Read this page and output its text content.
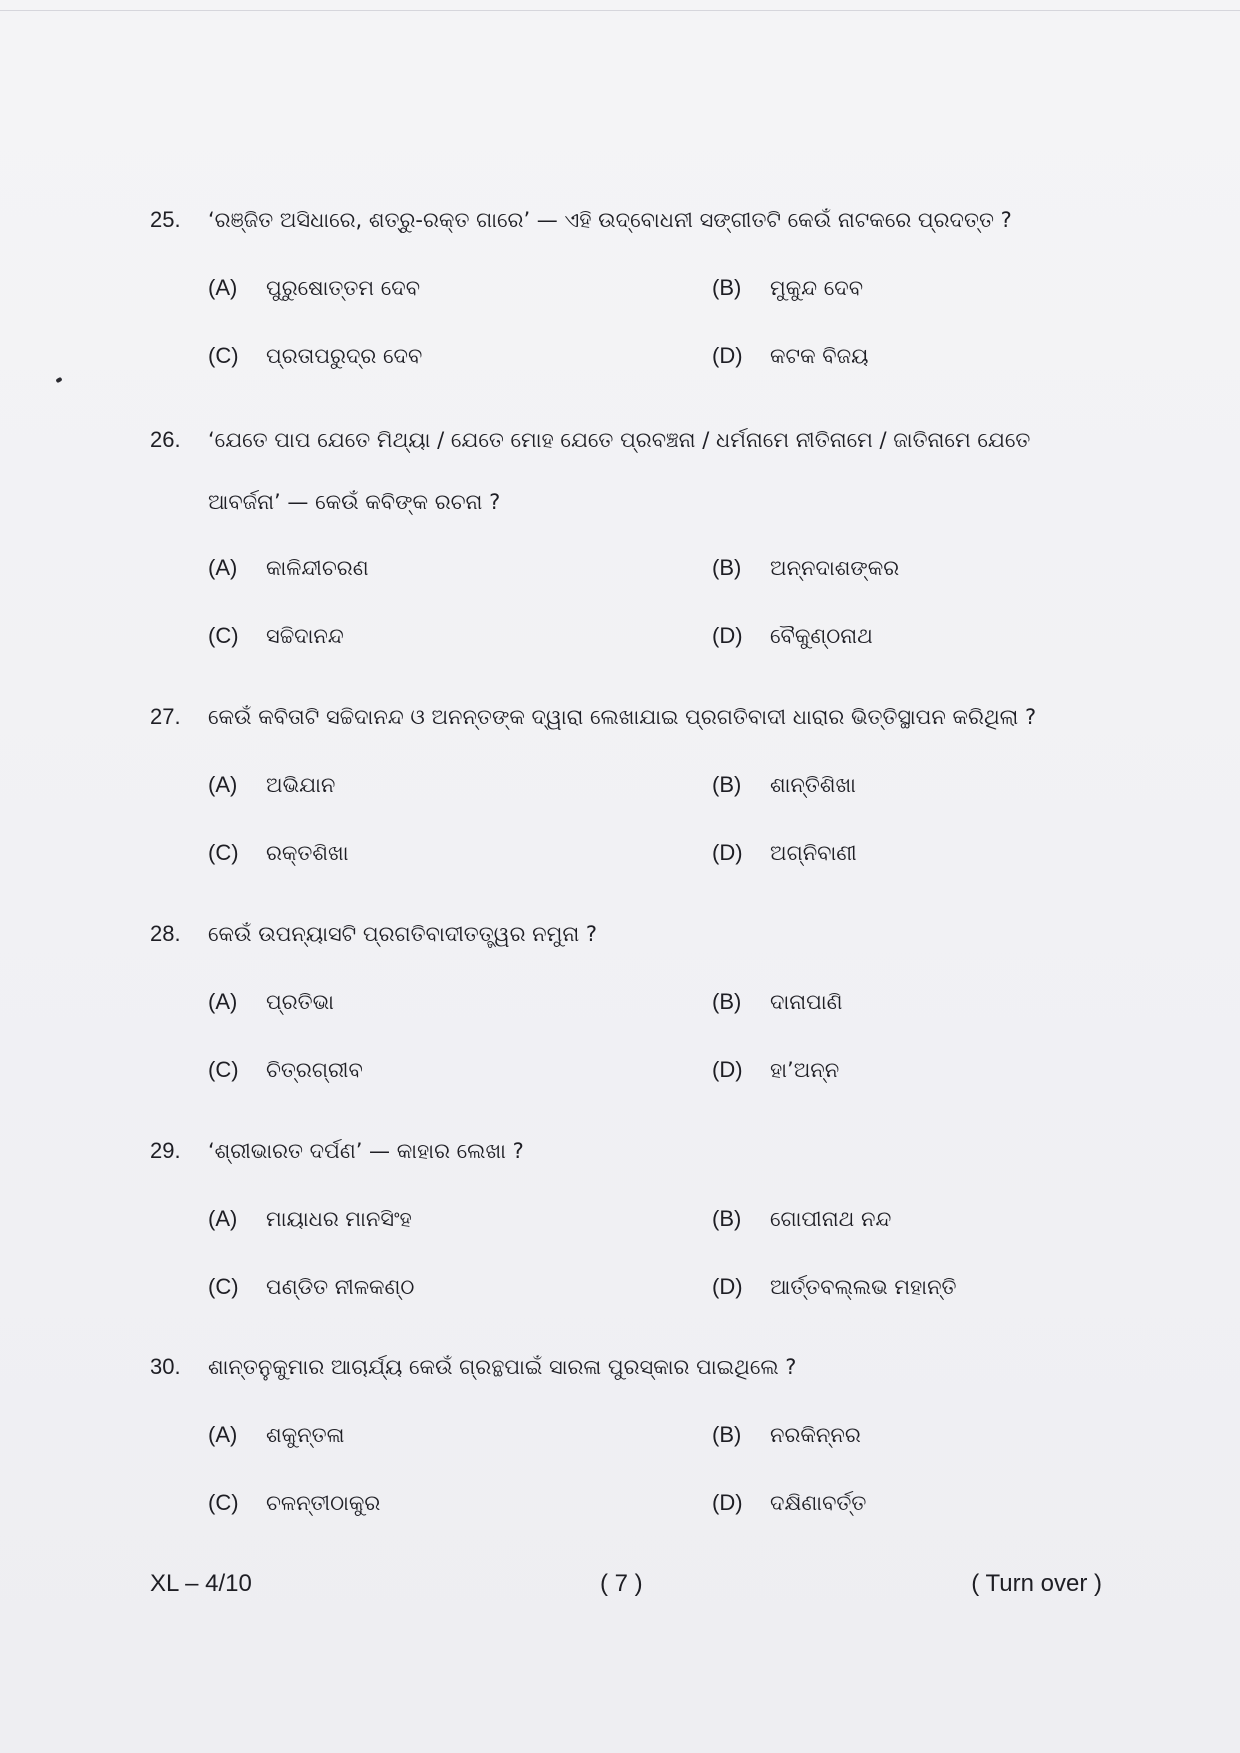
25. ‘ରଞ୍ଜିତ ଅସିଧାରେ, ଶତ୍ରୁ-ରକ୍ତ ଗାରେ’ — ଏହି ଉଦ୍‌ବୋଧନୀ ସଙ୍ଗୀତଟି କେଉଁ ନାଟକରେ ପ୍ରଦତ୍ତ ?
(A) ପୁରୁଷୋତ୍ତମ ଦେବ	(B) ମୁକୁନ୍ଦ ଦେବ
(C) ପ୍ରତାପରୁଦ୍ର ଦେବ	(D) କଟକ ବିଜୟ
26. ‘ଯେତେ ପାପ ଯେତେ ମିଥ୍ୟା / ଯେତେ ମୋହ ଯେତେ ପ୍ରବଞ୍ଚନା / ଧର୍ମନାମେ ନୀତିନାମେ / ଜାତିନାମେ ଯେତେ
ଆବର୍ଜନା’ — କେଉଁ କବିଙ୍କ ରଚନା ?
(A) କାଳିନ୍ଦୀଚରଣ	(B) ଅନ୍ନଦାଶଙ୍କର
(C) ସଚ୍ଚିଦାନନ୍ଦ	(D) ବୈକୁଣ୍ଠନାଥ
27. କେଉଁ କବିତାଟି ସଚ୍ଚିଦାନନ୍ଦ ଓ ଅନନ୍ତଙ୍କ ଦ୍ୱାରା ଲେଖାଯାଇ ପ୍ରଗତିବାଦୀ ଧାରାର ଭିତ୍ତିସ୍ଥାପନ କରିଥିଲା ?
(A) ଅଭିଯାନ	(B) ଶାନ୍ତିଶିଖା
(C) ରକ୍ତଶିଖା	(D) ଅଗ୍ନିବାଣୀ
28. କେଉଁ ଉପନ୍ୟାସଟି ପ୍ରଗତିବାଦୀତତ୍ତ୍ୱର ନମୁନା ?
(A) ପ୍ରତିଭା	(B) ଦାନାପାଣି
(C) ଚିତ୍ରଗ୍ରୀବ	(D) ହା’ଅନ୍ନ
29. ‘ଶ୍ରୀଭାରତ ଦର୍ପଣ’ — କାହାର ଲେଖା ?
(A) ମାୟାଧର ମାନସିଂହ	(B) ଗୋପୀନାଥ ନନ୍ଦ
(C) ପଣ୍ଡିତ ନୀଳକଣ୍ଠ	(D) ଆର୍ତ୍ତବଲ୍ଲଭ ମହାନ୍ତି
30. ଶାନ୍ତନୁକୁମାର ଆଚାର୍ଯ୍ୟ କେଉଁ ଗ୍ରନ୍ଥପାଇଁ ସାରଳା ପୁରସ୍କାର ପାଇଥିଲେ ?
(A) ଶକୁନ୍ତଳା	(B) ନରକିନ୍ନର
(C) ଚଳନ୍ତୀଠାକୁର	(D) ଦକ୍ଷିଣାବର୍ତ୍ତ
XL – 4/10	( 7 )	( Turn over )
